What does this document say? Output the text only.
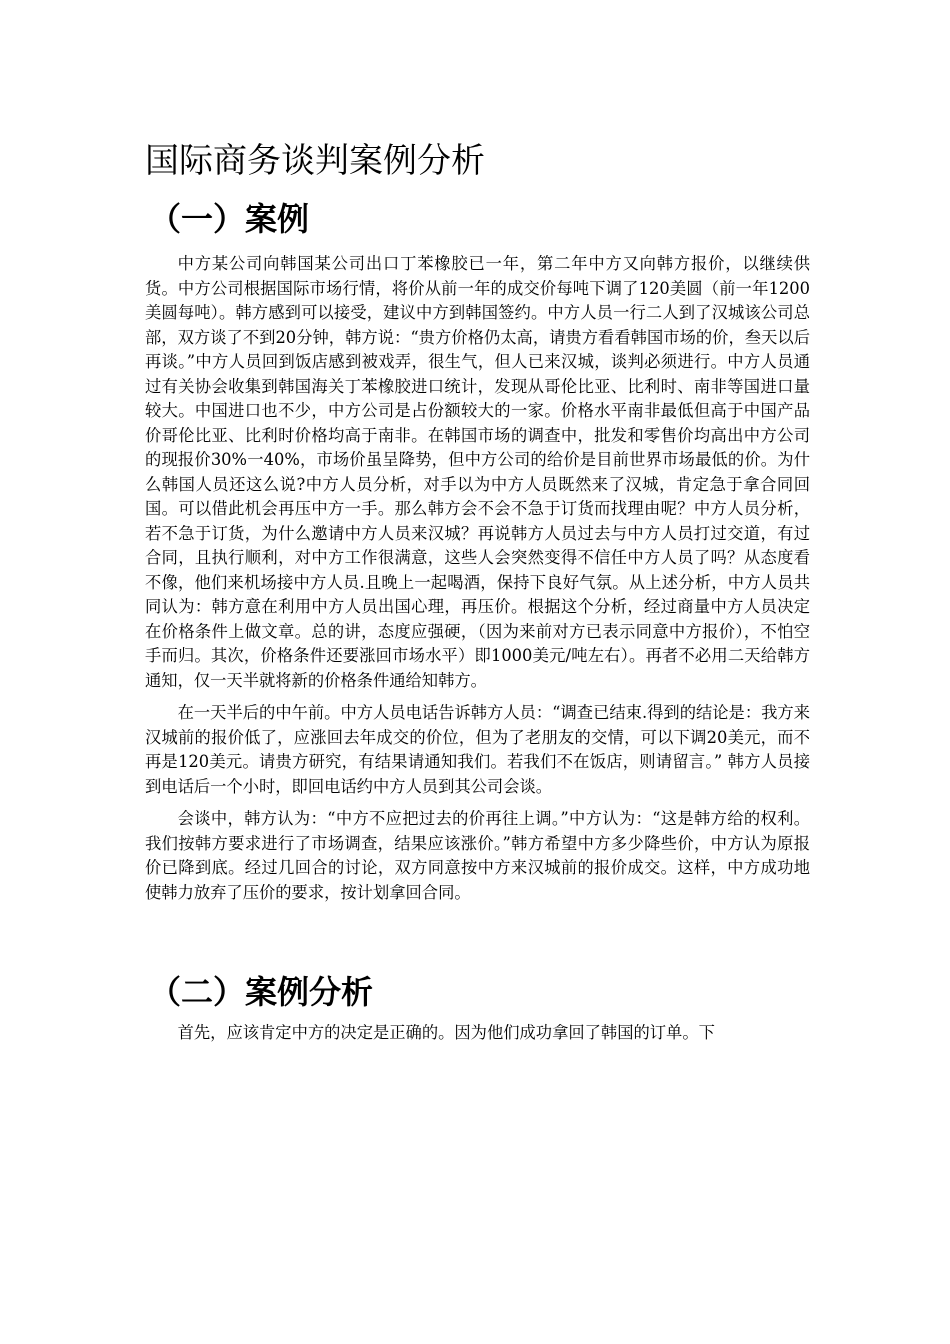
国际商务谈判案例分析
（一）案例

中方某公司向韩国某公司出口丁苯橡胶已一年，第二年中方又向韩方报价，以继续供货。中方公司根据国际市场行情，将价从前一年的成交价每吨下调了120美圆（前一年1200美圆每吨）。韩方感到可以接受，建议中方到韩国签约。中方人员一行二人到了汉城该公司总部，双方谈了不到20分钟，韩方说：“贵方价格仍太高，请贵方看看韩国市场的价，叁天以后再谈。”中方人员回到饭店感到被戏弄，很生气，但人已来汉城，谈判必须进行。中方人员通过有关协会收集到韩国海关丁苯橡胶进口统计，发现从哥伦比亚、比利时、南非等国进口量较大。中国进口也不少，中方公司是占份额较大的一家。价格水平南非最低但高于中国产品价哥伦比亚、比利时价格均高于南非。在韩国市场的调查中，批发和零售价均高出中方公司的现报价30%一40%，市场价虽呈降势，但中方公司的给价是目前世界市场最低的价。为什么韩国人员还这么说?中方人员分析，对手以为中方人员既然来了汉城，肯定急于拿合同回国。可以借此机会再压中方一手。那么韩方会不会不急于订货而找理由呢？中方人员分析，若不急于订货，为什么邀请中方人员来汉城？再说韩方人员过去与中方人员打过交道，有过合同，且执行顺利，对中方工作很满意，这些人会突然变得不信任中方人员了吗？从态度看不像，他们来机场接中方人员.且晚上一起喝酒，保持下良好气氛。从上述分析，中方人员共同认为：韩方意在利用中方人员出国心理，再压价。根据这个分析，经过商量中方人员决定在价格条件上做文章。总的讲，态度应强硬，（因为来前对方已表示同意中方报价），不怕空手而归。其次，价格条件还要涨回市场水平）即1000美元/吨左右）。再者不必用二天给韩方通知，仅一天半就将新的价格条件通给知韩方。

在一天半后的中午前。中方人员电话告诉韩方人员：“调查已结束.得到的结论是：我方来汉城前的报价低了，应涨回去年成交的价位，但为了老朋友的交情，可以下调20美元，而不再是120美元。请贵方研究，有结果请通知我们。若我们不在饭店，则请留言。” 韩方人员接到电话后一个小时，即回电话约中方人员到其公司会谈。

会谈中，韩方认为：“中方不应把过去的价再往上调。”中方认为：“这是韩方给的权利。我们按韩方要求进行了市场调查，结果应该涨价。”韩方希望中方多少降些价，中方认为原报价已降到底。经过几回合的讨论，双方同意按中方来汉城前的报价成交。这样，中方成功地使韩力放弃了压价的要求，按计划拿回合同。

（二）案例分析

首先，应该肯定中方的决定是正确的。因为他们成功拿回了韩国的订单。下
